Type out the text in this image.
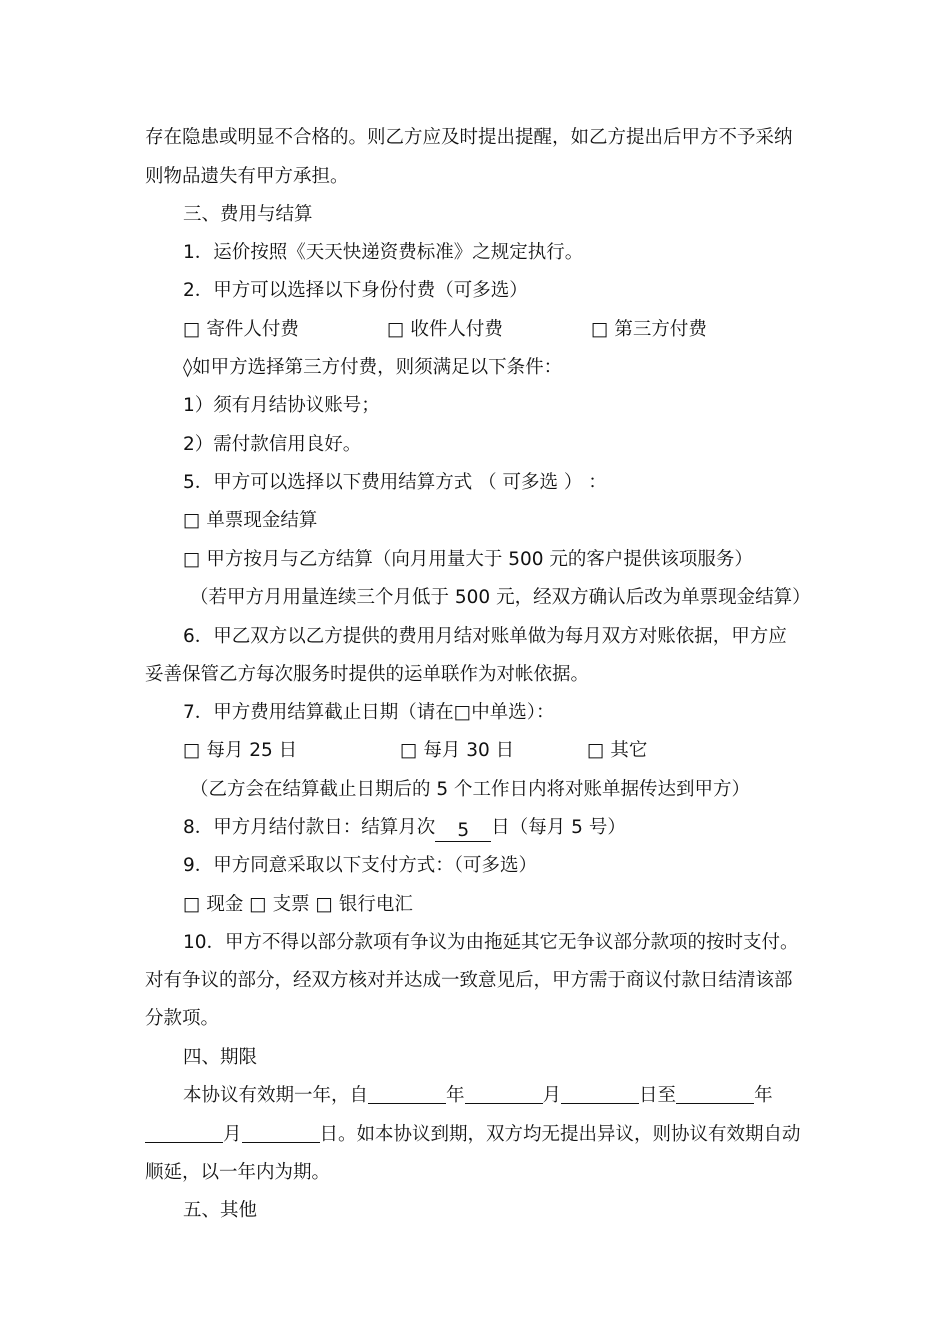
存在隐患或明显不合格的。则乙方应及时提出提醒，如乙方提出后甲方不予采纳
则物品遗失有甲方承担。
三、费用与结算
1．运价按照《天天快递资费标准》之规定执行。
2．甲方可以选择以下身份付费（可多选）
□ 寄件人付费	□ 收件人付费	□ 第三方付费
◊如甲方选择第三方付费，则须满足以下条件：
1）须有月结协议账号；
2）需付款信用良好。
5．甲方可以选择以下费用结算方式 （ 可多选 ） ：
□ 单票现金结算
□ 甲方按月与乙方结算（向月用量大于 500 元的客户提供该项服务）
（若甲方月用量连续三个月低于 500 元，经双方确认后改为单票现金结算）
6．甲乙双方以乙方提供的费用月结对账单做为每月双方对账依据，甲方应
妥善保管乙方每次服务时提供的运单联作为对帐依据。
7．甲方费用结算截止日期（请在□中单选）：
□ 每月 25 日	□ 每月 30 日	□ 其它
（乙方会在结算截止日期后的 5 个工作日内将对账单据传达到甲方）
8．甲方月结付款日：结算月次 5 日（每月 5 号）
9．甲方同意采取以下支付方式：（可多选）
□ 现金 □ 支票 □ 银行电汇
10．甲方不得以部分款项有争议为由拖延其它无争议部分款项的按时支付。
对有争议的部分，经双方核对并达成一致意见后，甲方需于商议付款日结清该部
分款项。
四、期限
本协议有效期一年，自	年	月	日至	年
月	日。如本协议到期，双方均无提出异议，则协议有效期自动
顺延，以一年内为期。
五、其他
